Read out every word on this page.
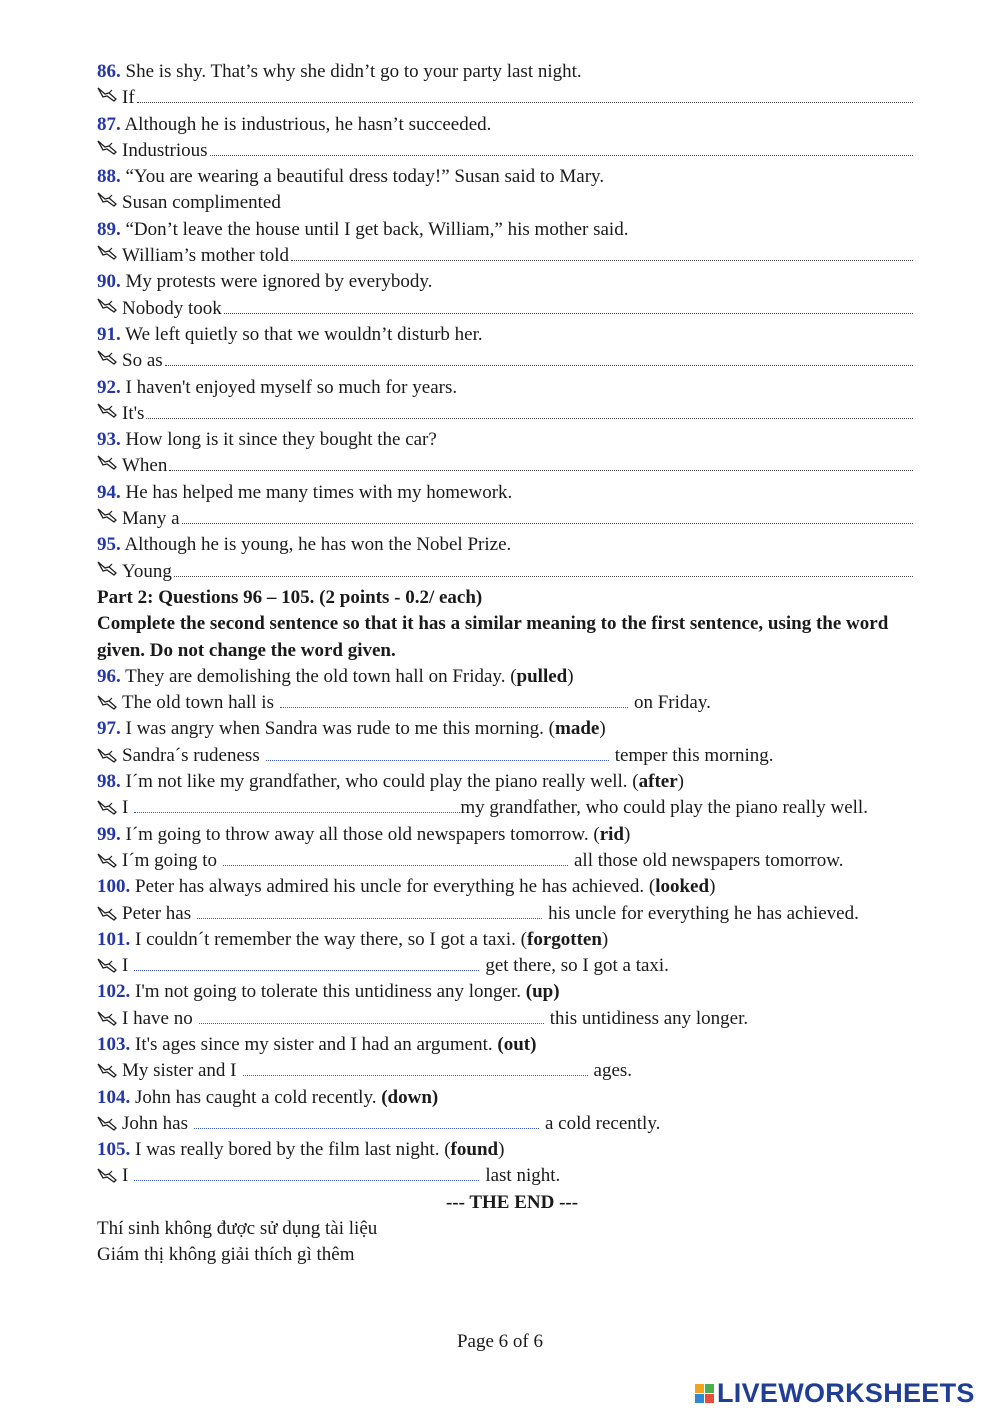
86. She is shy. That’s why she didn’t go to your party last night.
If
87. Although he is industrious, he hasn’t succeeded.
Industrious
88. “You are wearing a beautiful dress today!” Susan said to Mary.
Susan complimented
89. “Don’t leave the house until I get back, William,” his mother said.
William’s mother told
90. My protests were ignored by everybody.
Nobody took
91. We left quietly so that we wouldn’t disturb her.
So as
92. I haven't enjoyed myself so much for years.
It's
93. How long is it since they bought the car?
When
94. He has helped me many times with my homework.
Many a
95. Although he is young, he has won the Nobel Prize.
Young
Part 2: Questions 96 – 105. (2 points - 0.2/ each)
Complete the second sentence so that it has a similar meaning to the first sentence, using the word given. Do not change the word given.
96. They are demolishing the old town hall on Friday. (pulled)
The old town hall is	on Friday.
97. I was angry when Sandra was rude to me this morning. (made)
Sandra´s rudeness	temper this morning.
98. I´m not like my grandfather, who could play the piano really well. (after)
I	my grandfather, who could play the piano really well.
99. I´m going to throw away all those old newspapers tomorrow. (rid)
I´m going to	all those old newspapers tomorrow.
100. Peter has always admired his uncle for everything he has achieved. (looked)
Peter has	his uncle for everything he has achieved.
101. I couldn´t remember the way there, so I got a taxi. (forgotten)
I	get there, so I got a taxi.
102. I'm not going to tolerate this untidiness any longer. (up)
I have no	this untidiness any longer.
103. It's ages since my sister and I had an argument. (out)
My sister and I	ages.
104. John has caught a cold recently. (down)
John has	a cold recently.
105. I was really bored by the film last night. (found)
I	last night.
--- THE END ---
Thí sinh không được sử dụng tài liệu
Giám thị không giải thích gì thêm
Page 6 of 6
LIVEWORKSHEETS
